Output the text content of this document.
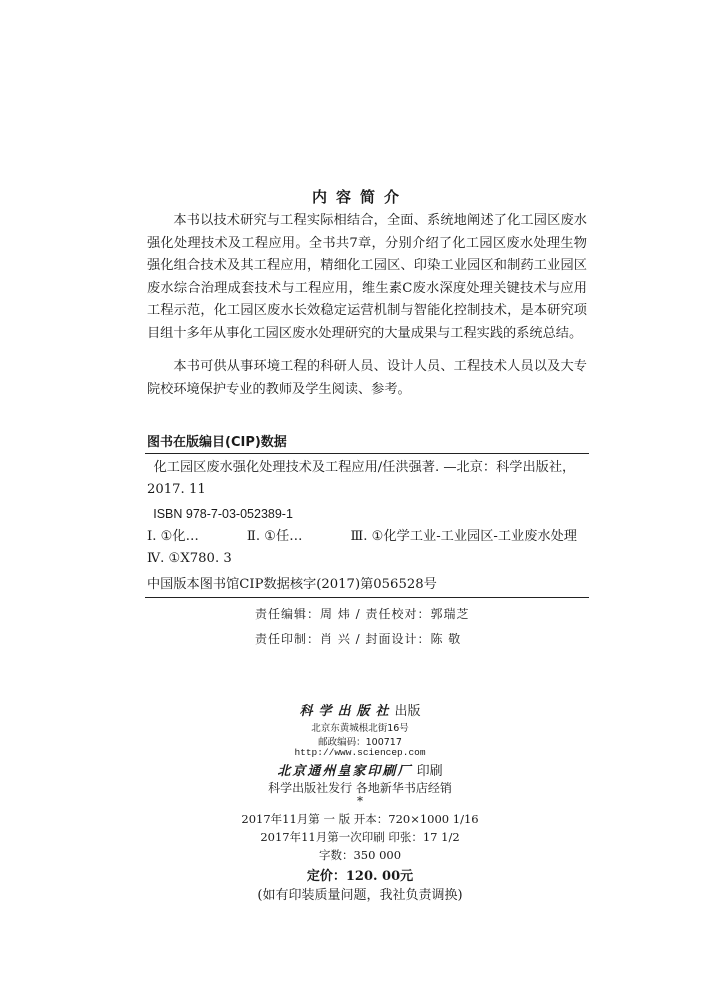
内容简介

本书以技术研究与工程实际相结合，全面、系统地阐述了化工园区废水强化处理技术及工程应用。全书共7章，分别介绍了化工园区废水处理生物强化组合技术及其工程应用，精细化工园区、印染工业园区和制药工业园区废水综合治理成套技术与工程应用，维生素C废水深度处理关键技术与应用工程示范，化工园区废水长效稳定运营机制与智能化控制技术，是本研究项目组十多年从事化工园区废水处理研究的大量成果与工程实践的系统总结。

本书可供从事环境工程的科研人员、设计人员、工程技术人员以及大专院校环境保护专业的教师及学生阅读、参考。

图书在版编目(CIP)数据

化工园区废水强化处理技术及工程应用/任洪强著. —北京：科学出版社，2017. 11

ISBN 978-7-03-052389-1

Ⅰ. ①化…	Ⅱ. ①任…	Ⅲ. ①化学工业-工业园区-工业废水处理
Ⅳ. ①X780. 3

中国版本图书馆CIP数据核字(2017)第056528号

责任编辑：周 炜 / 责任校对：郭瑞芝
责任印制：肖 兴 / 封面设计：陈 敬
科学出版社出版
北京东黄城根北街16号
邮政编码：100717
http://www.sciencep.com
北京通州皇家印刷厂 印刷
科学出版社发行 各地新华书店经销
*
2017年11月第 一 版 开本：720×1000 1/16
2017年11月第一次印刷 印张：17 1/2
字数：350 000
定价：120. 00元
(如有印装质量问题，我社负责调换)
